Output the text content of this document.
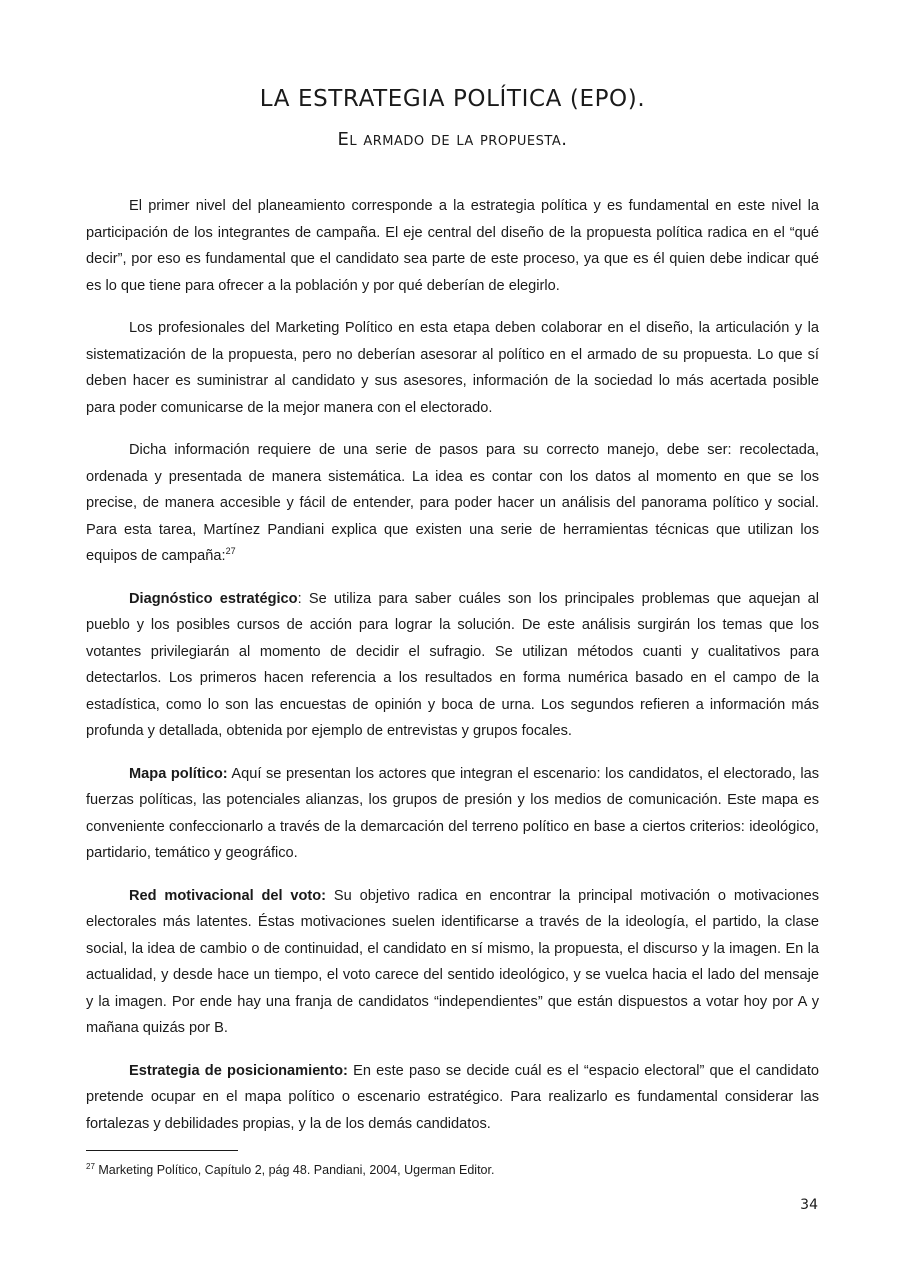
LA ESTRATEGIA POLÍTICA (EPO).
El armado de la propuesta.

El primer nivel del planeamiento corresponde a la estrategia política y es fundamental en este nivel la participación de los integrantes de campaña. El eje central del diseño de la propuesta política radica en el “qué decir”, por eso es fundamental que el candidato sea parte de este proceso, ya que es él quien debe indicar qué es lo que tiene para ofrecer a la población y por qué deberían de elegirlo.

Los profesionales del Marketing Político en esta etapa deben colaborar en el diseño, la articulación y la sistematización de la propuesta, pero no deberían asesorar al político en el armado de su propuesta. Lo que sí deben hacer es suministrar al candidato y sus asesores, información de la sociedad lo más acertada posible para poder comunicarse de la mejor manera con el electorado.

Dicha información requiere de una serie de pasos para su correcto manejo, debe ser: recolectada, ordenada y presentada de manera sistemática. La idea es contar con los datos al momento en que se los precise, de manera accesible y fácil de entender, para poder hacer un análisis del panorama político y social. Para esta tarea, Martínez Pandiani explica que existen una serie de herramientas técnicas que utilizan los equipos de campaña:$^{27}$

Diagnóstico estratégico: Se utiliza para saber cuáles son los principales problemas que aquejan al pueblo y los posibles cursos de acción para lograr la solución. De este análisis surgirán los temas que los votantes privilegiarán al momento de decidir el sufragio. Se utilizan métodos cuanti y cualitativos para detectarlos. Los primeros hacen referencia a los resultados en forma numérica basado en el campo de la estadística, como lo son las encuestas de opinión y boca de urna. Los segundos refieren a información más profunda y detallada, obtenida por ejemplo de entrevistas y grupos focales.

Mapa político: Aquí se presentan los actores que integran el escenario: los candidatos, el electorado, las fuerzas políticas, las potenciales alianzas, los grupos de presión y los medios de comunicación. Este mapa es conveniente confeccionarlo a través de la demarcación del terreno político en base a ciertos criterios: ideológico, partidario, temático y geográfico.

Red motivacional del voto: Su objetivo radica en encontrar la principal motivación o motivaciones electorales más latentes. Éstas motivaciones suelen identificarse a través de la ideología, el partido, la clase social, la idea de cambio o de continuidad, el candidato en sí mismo, la propuesta, el discurso y la imagen. En la actualidad, y desde hace un tiempo, el voto carece del sentido ideológico, y se vuelca hacia el lado del mensaje y la imagen. Por ende hay una franja de candidatos “independientes” que están dispuestos a votar hoy por A y mañana quizás por B.

Estrategia de posicionamiento: En este paso se decide cuál es el “espacio electoral” que el candidato pretende ocupar en el mapa político o escenario estratégico. Para realizarlo es fundamental considerar las fortalezas y debilidades propias, y la de los demás candidatos.

$^{27}$ Marketing Político, Capítulo 2, pág 48. Pandiani, 2004, Ugerman Editor.
34
